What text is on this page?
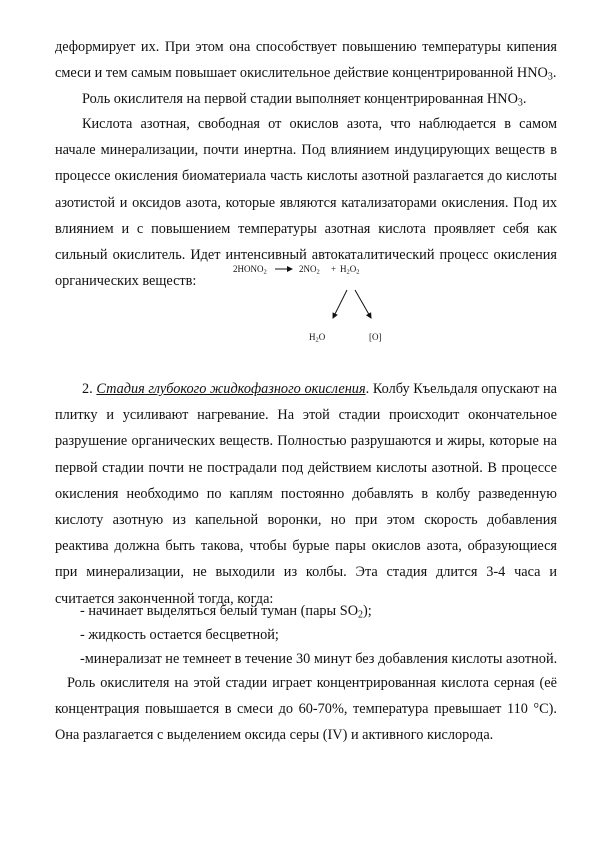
деформирует их. При этом она способствует повышению температуры кипения смеси и тем самым повышает окислительное действие концентрированной $HNO_3$.

Роль окислителя на первой стадии выполняет концентрированная $HNO_3$.

Кислота азотная, свободная от окислов азота, что наблюдается в самом начале минерализации, почти инертна. Под влиянием индуцирующих веществ в процессе окисления биоматериала часть кислоты азотной разлагается до кислоты азотистой и оксидов азота, которые являются катализаторами окисления. Под их влиянием и с повышением температуры азотная кислота проявляет себя как сильный окислитель. Идет интенсивный автокаталитический процесс окисления органических веществ:

$2HONO_2$	$2NO_2 + H_2O_2$
$H_2O$	[O]

2. Стадия глубокого жидкофазного окисления. Колбу Къельдаля опускают на плитку и усиливают нагревание. На этой стадии происходит окончательное разрушение органических веществ. Полностью разрушаются и жиры, которые на первой стадии почти не пострадали под действием кислоты азотной. В процессе окисления необходимо по каплям постоянно добавлять в колбу разведенную кислоту азотную из капельной воронки, но при этом скорость добавления реактива должна быть такова, чтобы бурые пары окислов азота, образующиеся при минерализации, не выходили из колбы. Эта стадия длится 3-4 часа и считается законченной тогда, когда:

- начинает выделяться белый туман (пары $SO_2$);

- жидкость остается бесцветной;

-минерализат не темнеет в течение 30 минут без добавления кислоты азотной.

Роль окислителя на этой стадии играет концентрированная кислота серная (её концентрация повышается в смеси до 60-70%, температура превышает 110 °С). Она разлагается с выделением оксида серы (IV) и активного кислорода.
